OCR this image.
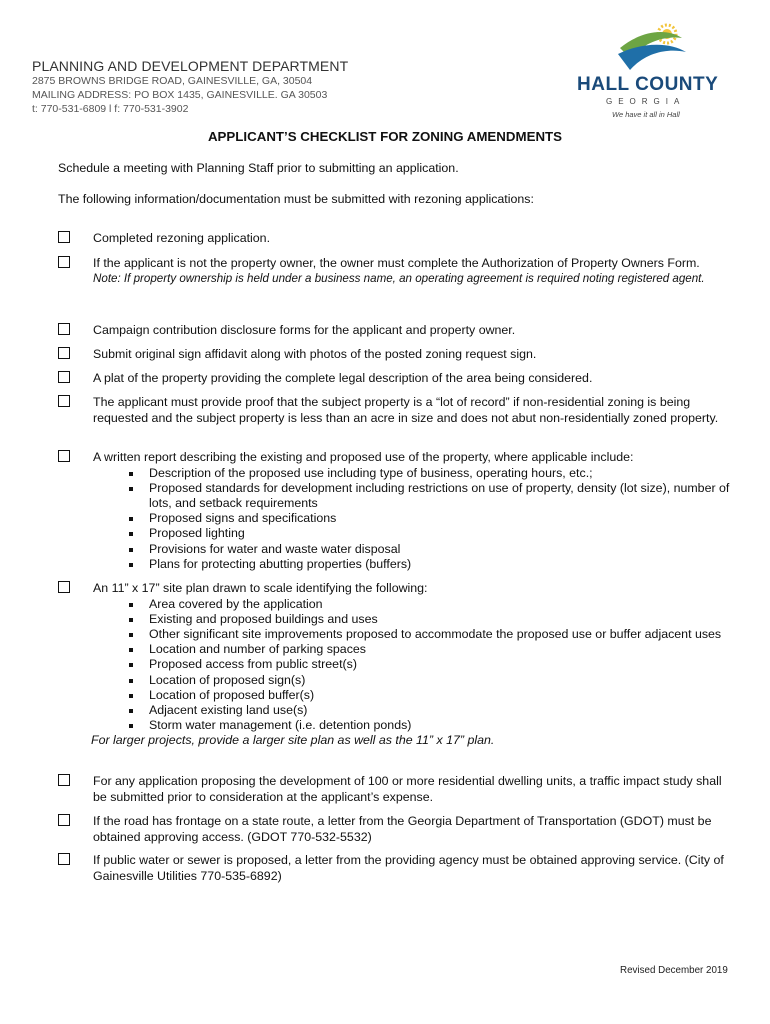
PLANNING AND DEVELOPMENT DEPARTMENT
2875 BROWNS BRIDGE ROAD, GAINESVILLE, GA, 30504
MAILING ADDRESS: PO BOX 1435, GAINESVILLE. GA 30503
t: 770-531-6809 l f: 770-531-3902
HALL COUNTY
GEORGIA
We have it all in Hall
APPLICANT’S CHECKLIST FOR ZONING AMENDMENTS
Schedule a meeting with Planning Staff prior to submitting an application.
The following information/documentation must be submitted with rezoning applications:
Completed rezoning application.
If the applicant is not the property owner, the owner must complete the Authorization of Property Owners Form.
Note: If property ownership is held under a business name, an operating agreement is required noting registered agent.
Campaign contribution disclosure forms for the applicant and property owner.
Submit original sign affidavit along with photos of the posted zoning request sign.
A plat of the property providing the complete legal description of the area being considered.
The applicant must provide proof that the subject property is a “lot of record” if non-residential zoning is being requested and the subject property is less than an acre in size and does not abut non-residentially zoned property.
A written report describing the existing and proposed use of the property, where applicable include:
Description of the proposed use including type of business, operating hours, etc.;
Proposed standards for development including restrictions on use of property, density (lot size), number of lots, and setback requirements
Proposed signs and specifications
Proposed lighting
Provisions for water and waste water disposal
Plans for protecting abutting properties (buffers)
An 11” x 17” site plan drawn to scale identifying the following:
Area covered by the application
Existing and proposed buildings and uses
Other significant site improvements proposed to accommodate the proposed use or buffer adjacent uses
Location and number of parking spaces
Proposed access from public street(s)
Location of proposed sign(s)
Location of proposed buffer(s)
Adjacent existing land use(s)
Storm water management (i.e. detention ponds)
For larger projects, provide a larger site plan as well as the 11” x 17” plan.
For any application proposing the development of 100 or more residential dwelling units, a traffic impact study shall be submitted prior to consideration at the applicant’s expense.
If the road has frontage on a state route, a letter from the Georgia Department of Transportation (GDOT) must be obtained approving access. (GDOT 770-532-5532)
If public water or sewer is proposed, a letter from the providing agency must be obtained approving service. (City of Gainesville Utilities 770-535-6892)
Revised December 2019
